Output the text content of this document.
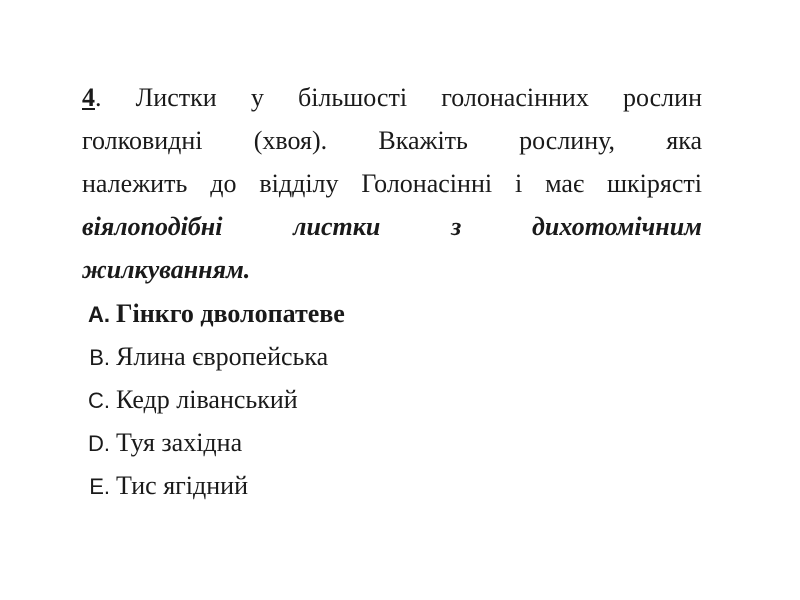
4. Листки у більшості голонасінних рослин
голковидні (хвоя). Вкажіть рослину, яка
належить до відділу Голонасінні і має шкірясті
віялоподібні листки з дихотомічним
жилкуванням.
A. Гінкго дволопатеве
B. Ялина європейська
C. Кедр ліванський
D. Туя західна
E. Тис ягідний
